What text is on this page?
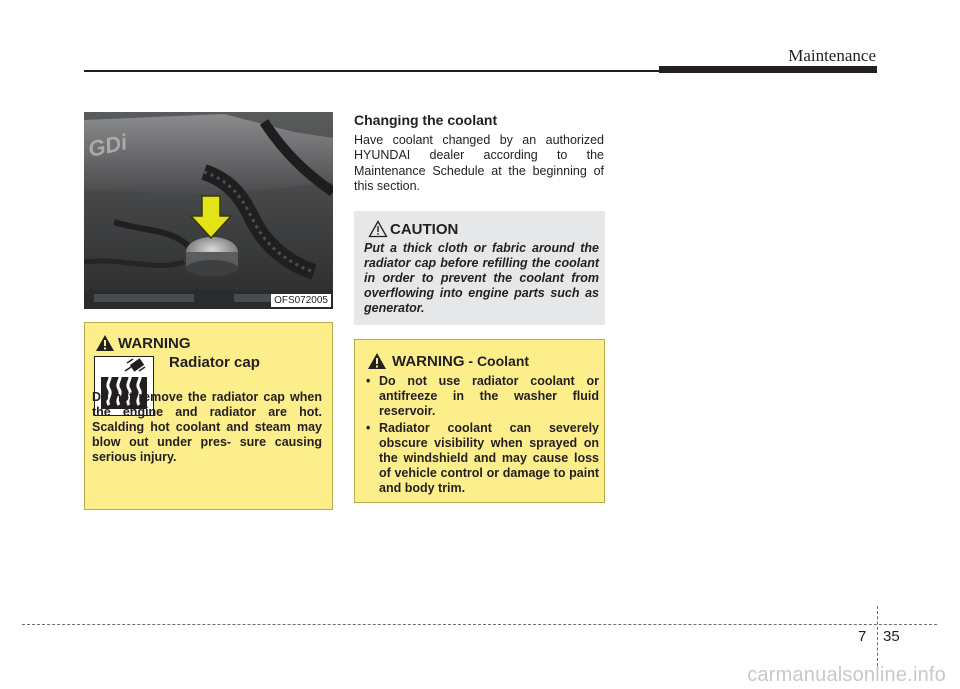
Maintenance
GDi
OFS072005
WARNING
Radiator cap
Do not remove the radiator cap when the engine and radiator are hot. Scalding hot coolant and steam may blow out under pres- sure causing serious injury.
Changing the coolant
Have coolant changed by an authorized HYUNDAI dealer according to the Maintenance Schedule at the beginning of this section.
CAUTION
Put a thick cloth or fabric around the radiator cap before refilling the coolant in order to prevent the coolant from overflowing into engine parts such as generator.
WARNING - Coolant
• Do not use radiator coolant or antifreeze in the washer fluid reservoir.
• Radiator coolant can severely obscure visibility when sprayed on the windshield and may cause loss of vehicle control or damage to paint and body trim.
7 35
carmanualsonline.info
